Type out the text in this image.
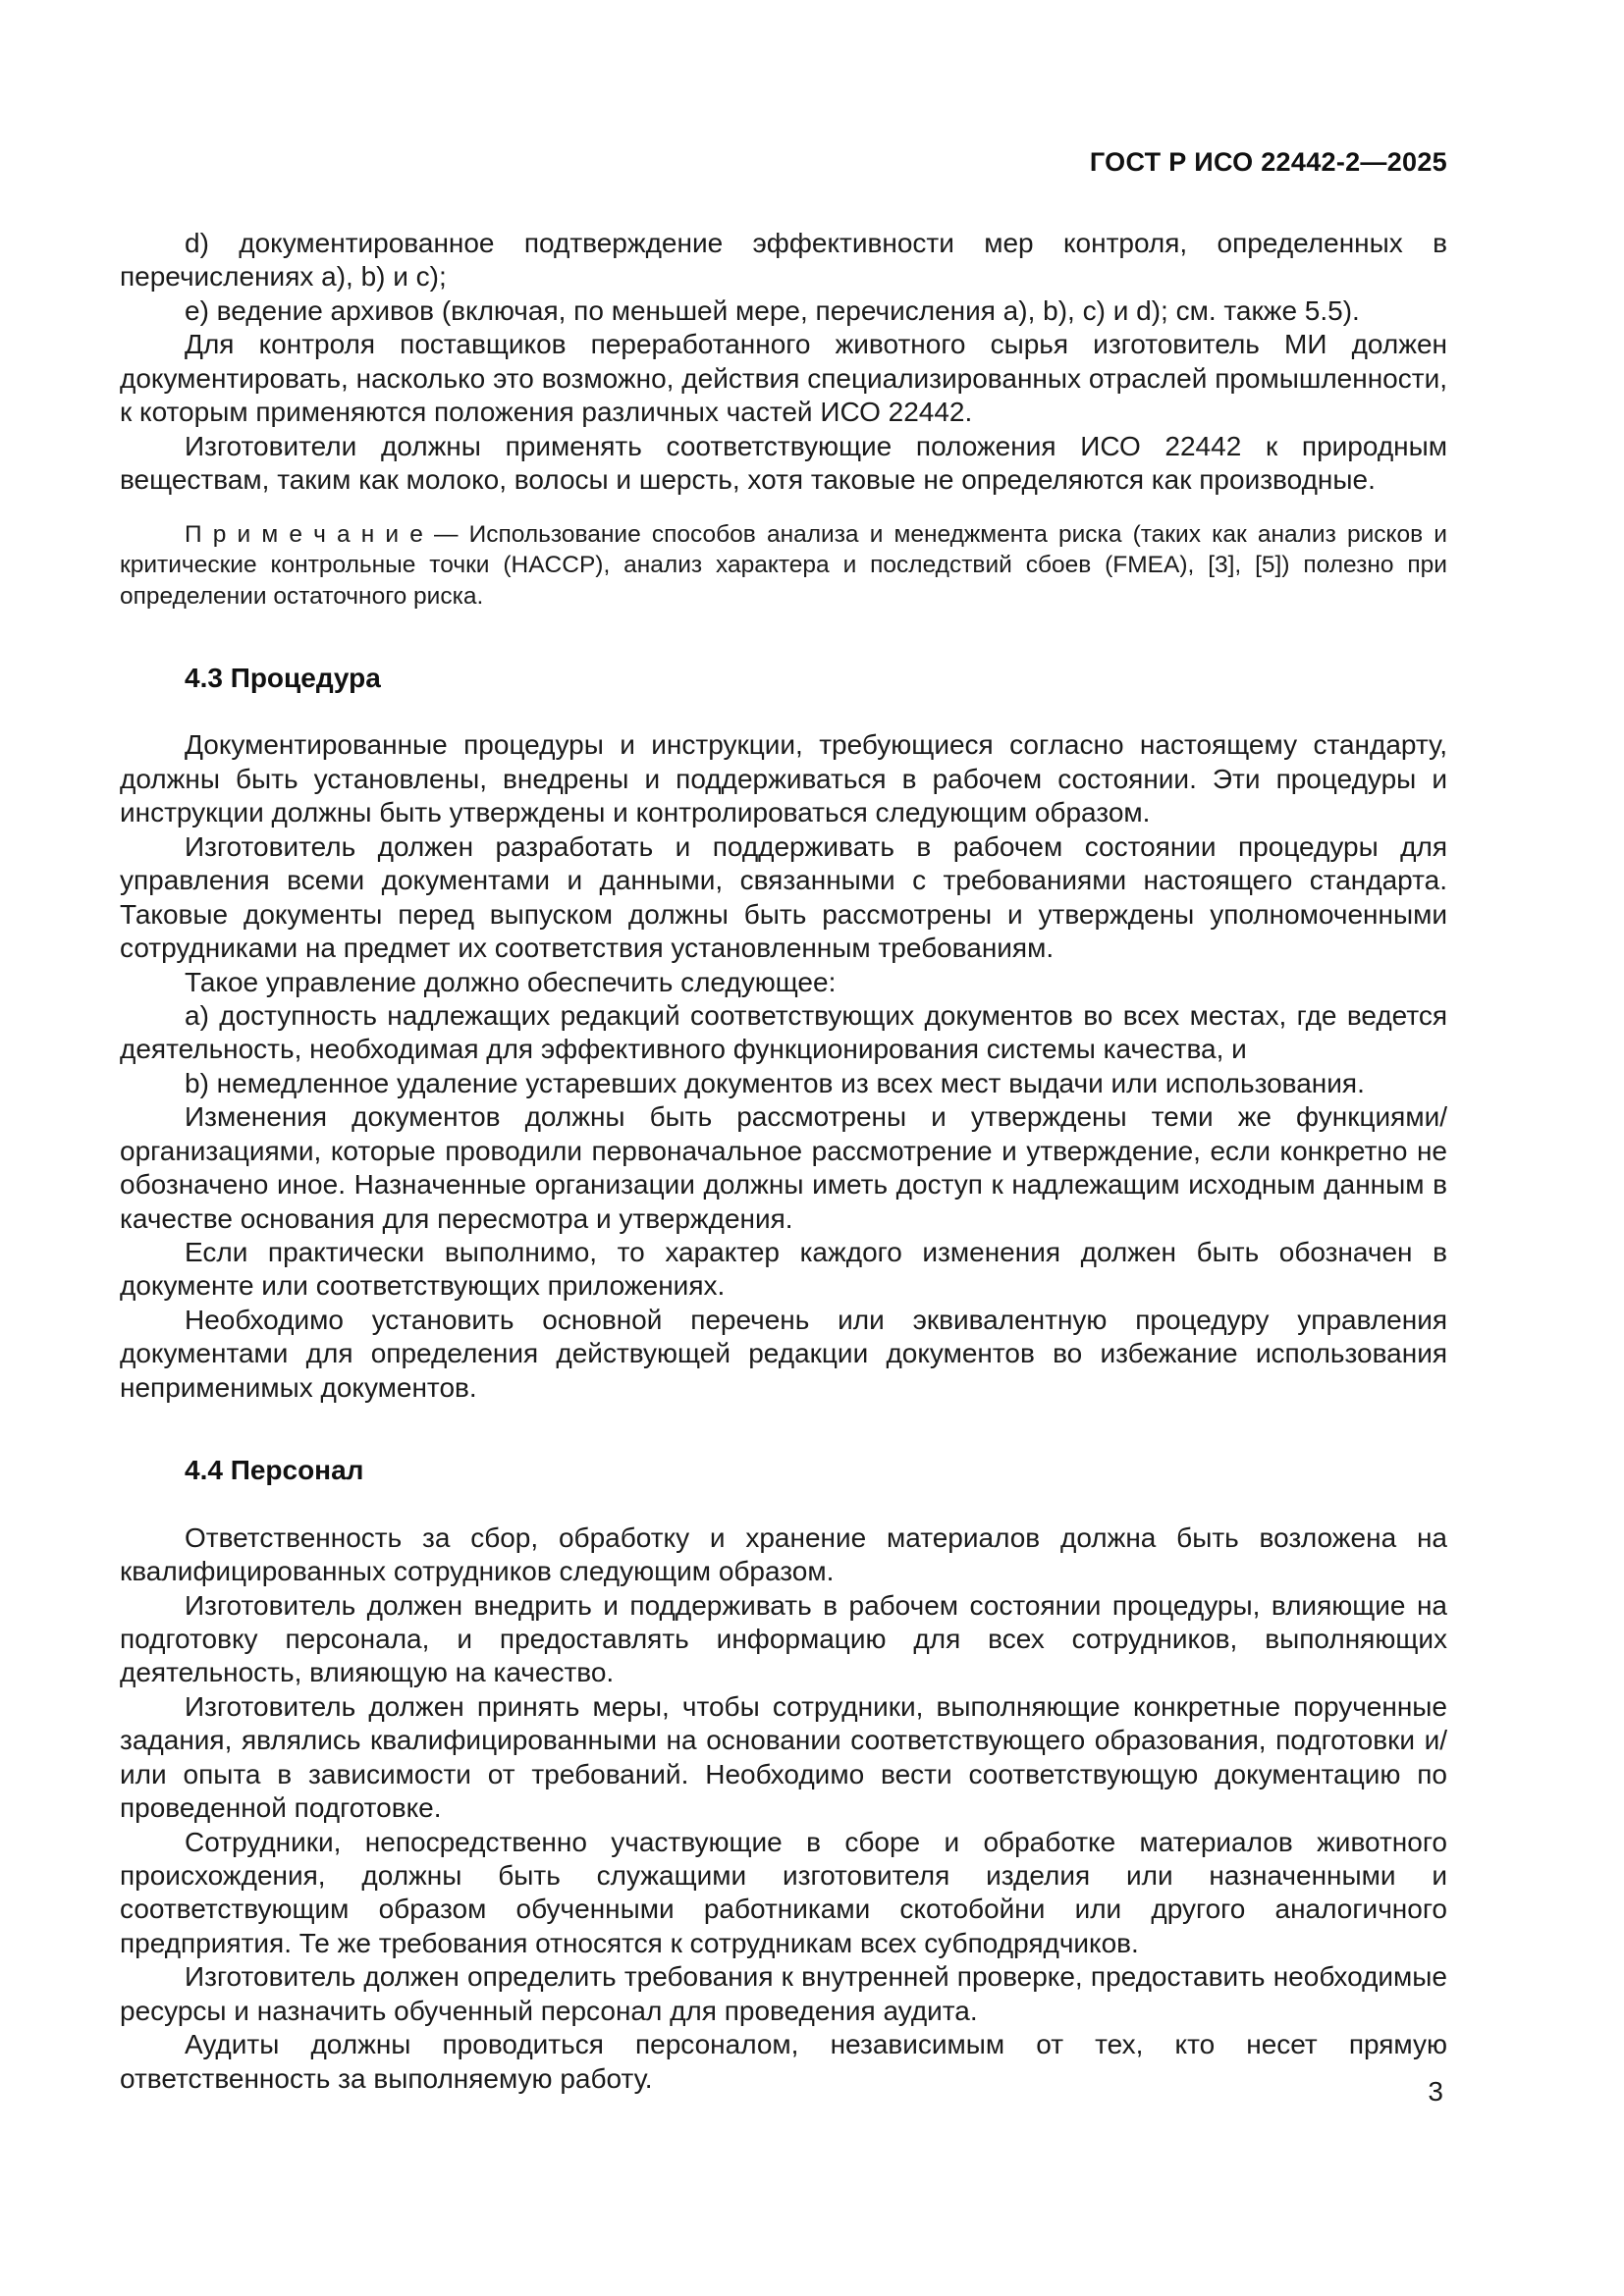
ГОСТ Р ИСО 22442-2—2025

d) документированное подтверждение эффективности мер контроля, определенных в перечислениях a), b) и c);

e) ведение архивов (включая, по меньшей мере, перечисления a), b), c) и d); см. также 5.5).

Для контроля поставщиков переработанного животного сырья изготовитель МИ должен документировать, насколько это возможно, действия специализированных отраслей промышленности, к которым применяются положения различных частей ИСО 22442.

Изготовители должны применять соответствующие положения ИСО 22442 к природным веществам, таким как молоко, волосы и шерсть, хотя таковые не определяются как производные.

П р и м е ч а н и е — Использование способов анализа и менеджмента риска (таких как анализ рисков и критические контрольные точки (HACCP), анализ характера и последствий сбоев (FMEA), [3], [5]) полезно при определении остаточного риска.

4.3 Процедура

Документированные процедуры и инструкции, требующиеся согласно настоящему стандарту, должны быть установлены, внедрены и поддерживаться в рабочем состоянии. Эти процедуры и инструкции должны быть утверждены и контролироваться следующим образом.

Изготовитель должен разработать и поддерживать в рабочем состоянии процедуры для управления всеми документами и данными, связанными с требованиями настоящего стандарта. Таковые документы перед выпуском должны быть рассмотрены и утверждены уполномоченными сотрудниками на предмет их соответствия установленным требованиям.

Такое управление должно обеспечить следующее:

a) доступность надлежащих редакций соответствующих документов во всех местах, где ведется деятельность, необходимая для эффективного функционирования системы качества, и

b) немедленное удаление устаревших документов из всех мест выдачи или использования.

Изменения документов должны быть рассмотрены и утверждены теми же функциями/организациями, которые проводили первоначальное рассмотрение и утверждение, если конкретно не обозначено иное. Назначенные организации должны иметь доступ к надлежащим исходным данным в качестве основания для пересмотра и утверждения.

Если практически выполнимо, то характер каждого изменения должен быть обозначен в документе или соответствующих приложениях.

Необходимо установить основной перечень или эквивалентную процедуру управления документами для определения действующей редакции документов во избежание использования неприменимых документов.

4.4 Персонал

Ответственность за сбор, обработку и хранение материалов должна быть возложена на квалифицированных сотрудников следующим образом.

Изготовитель должен внедрить и поддерживать в рабочем состоянии процедуры, влияющие на подготовку персонала, и предоставлять информацию для всех сотрудников, выполняющих деятельность, влияющую на качество.

Изготовитель должен принять меры, чтобы сотрудники, выполняющие конкретные порученные задания, являлись квалифицированными на основании соответствующего образования, подготовки и/или опыта в зависимости от требований. Необходимо вести соответствующую документацию по проведенной подготовке.

Сотрудники, непосредственно участвующие в сборе и обработке материалов животного происхождения, должны быть служащими изготовителя изделия или назначенными и соответствующим образом обученными работниками скотобойни или другого аналогичного предприятия. Те же требования относятся к сотрудникам всех субподрядчиков.

Изготовитель должен определить требования к внутренней проверке, предоставить необходимые ресурсы и назначить обученный персонал для проведения аудита.

Аудиты должны проводиться персоналом, независимым от тех, кто несет прямую ответственность за выполняемую работу.	3
